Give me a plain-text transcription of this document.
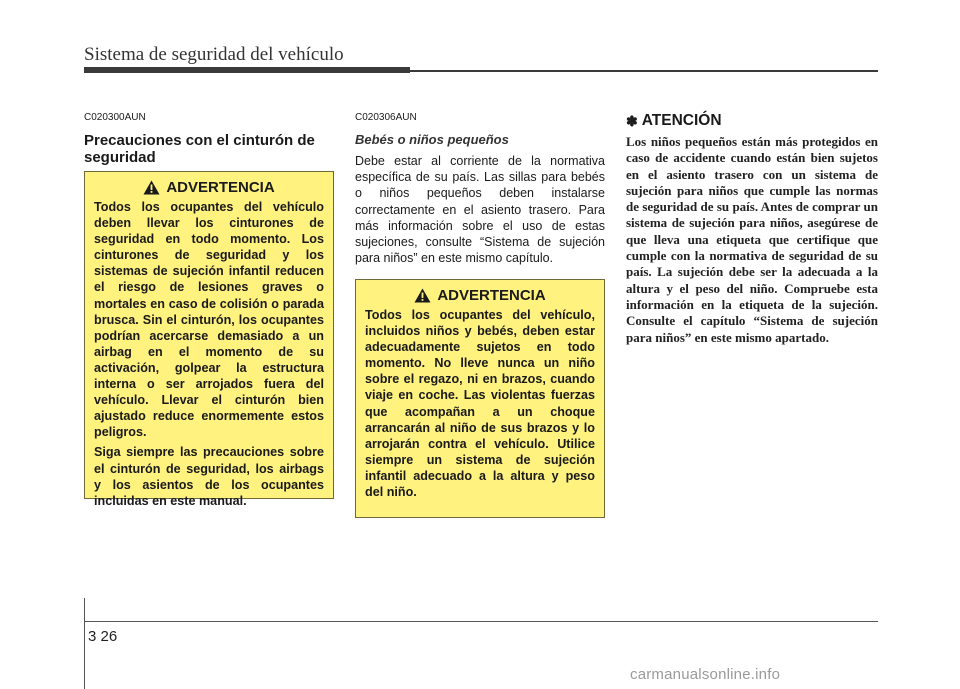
Sistema de seguridad del vehículo

C020300AUN

Precauciones con el cinturón de seguridad

ADVERTENCIA

Todos los ocupantes del vehículo deben llevar los cinturones de seguridad en todo momento. Los cinturones de seguridad y los sistemas de sujeción infantil reducen el riesgo de lesiones graves o mortales en caso de colisión o parada brusca. Sin el cinturón, los ocupantes podrían acercarse demasiado a un airbag en el momento de su activación, golpear la estructura interna o ser arrojados fuera del vehículo. Llevar el cinturón bien ajustado reduce enormemente estos peligros.

Siga siempre las precauciones sobre el cinturón de seguridad, los airbags y los asientos de los ocupantes incluidas en este manual.

C020306AUN

Bebés o niños pequeños

Debe estar al corriente de la normativa específica de su país. Las sillas para bebés o niños pequeños deben instalarse correctamente en el asiento trasero. Para más información sobre el uso de estas sujeciones, consulte “Sistema de sujeción para niños” en este mismo capítulo.

ADVERTENCIA

Todos los ocupantes del vehículo, incluidos niños y bebés, deben estar adecuadamente sujetos en todo momento. No lleve nunca un niño sobre el regazo, ni en brazos, cuando viaje en coche. Las violentas fuerzas que acompañan a un choque arrancarán al niño de sus brazos y lo arrojarán contra el vehículo. Utilice siempre un sistema de sujeción infantil adecuado a la altura y peso del niño.

✽ ATENCIÓN

Los niños pequeños están más protegidos en caso de accidente cuando están bien sujetos en el asiento trasero con un sistema de sujeción para niños que cumple las normas de seguridad de su país. Antes de comprar un sistema de sujeción para niños, asegúrese de que lleva una etiqueta que certifique que cumple con la normativa de seguridad de su país. La sujeción debe ser la adecuada a la altura y el peso del niño. Compruebe esta información en la etiqueta de la sujeción. Consulte el capítulo “Sistema de sujeción para niños” en este mismo apartado.

3 26
carmanualsonline.info
